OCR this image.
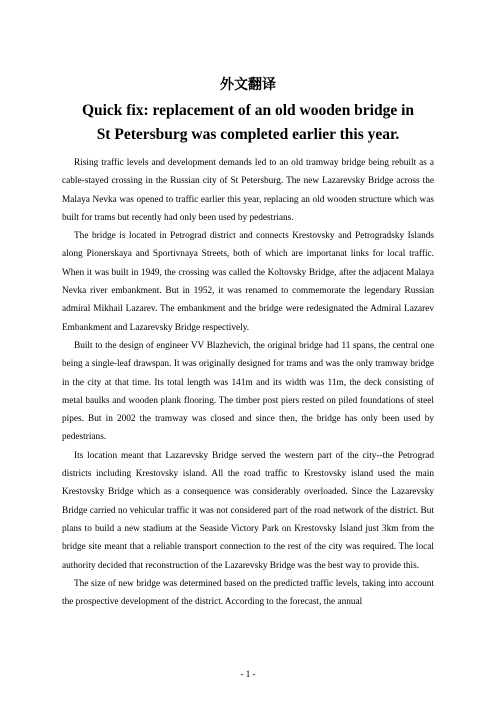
外文翻译
Quick fix: replacement of an old wooden bridge in
St Petersburg was completed earlier this year.

Rising traffic levels and development demands led to an old tramway bridge being rebuilt as a cable-stayed crossing in the Russian city of St Petersburg. The new Lazarevsky Bridge across the Malaya Nevka was opened to traffic earlier this year, replacing an old wooden structure which was built for trams but recently had only been used by pedestrians.

The bridge is located in Petrograd district and connects Krestovsky and Petrogradsky Islands along Pionerskaya and Sportivnaya Streets, both of which are importanat links for local traffic. When it was built in 1949, the crossing was called the Koltovsky Bridge, after the adjacent Malaya Nevka river embankment. But in 1952, it was renamed to commemorate the legendary Russian admiral Mikhail Lazarev. The embankment and the bridge were redesignated the Admiral Lazarev Embankment and Lazarevsky Bridge respectively.

Built to the design of engineer VV Blazhevich, the original bridge had 11 spans, the central one being a single-leaf drawspan. It was originally designed for trams and was the only tramway bridge in the city at that time. Its total length was 141m and its width was 11m, the deck consisting of metal baulks and wooden plank flooring. The timber post piers rested on piled foundations of steel pipes. But in 2002 the tramway was closed and since then, the bridge has only been used by pedestrians.

Its location meant that Lazarevsky Bridge served the western part of the city--the Petrograd districts including Krestovsky island. All the road traffic to Krestovsky island used the main Krestovsky Bridge which as a consequence was considerably overloaded. Since the Lazarevsky Bridge carried no vehicular traffic it was not considered part of the road network of the district. But plans to build a new stadium at the Seaside Victory Park on Krestovsky Island just 3km from the bridge site meant that a reliable transport connection to the rest of the city was required. The local authority decided that reconstruction of the Lazarevsky Bridge was the best way to provide this.

The size of new bridge was determined based on the predicted traffic levels, taking into account the prospective development of the district. According to the forecast, the annual

- 1 -
